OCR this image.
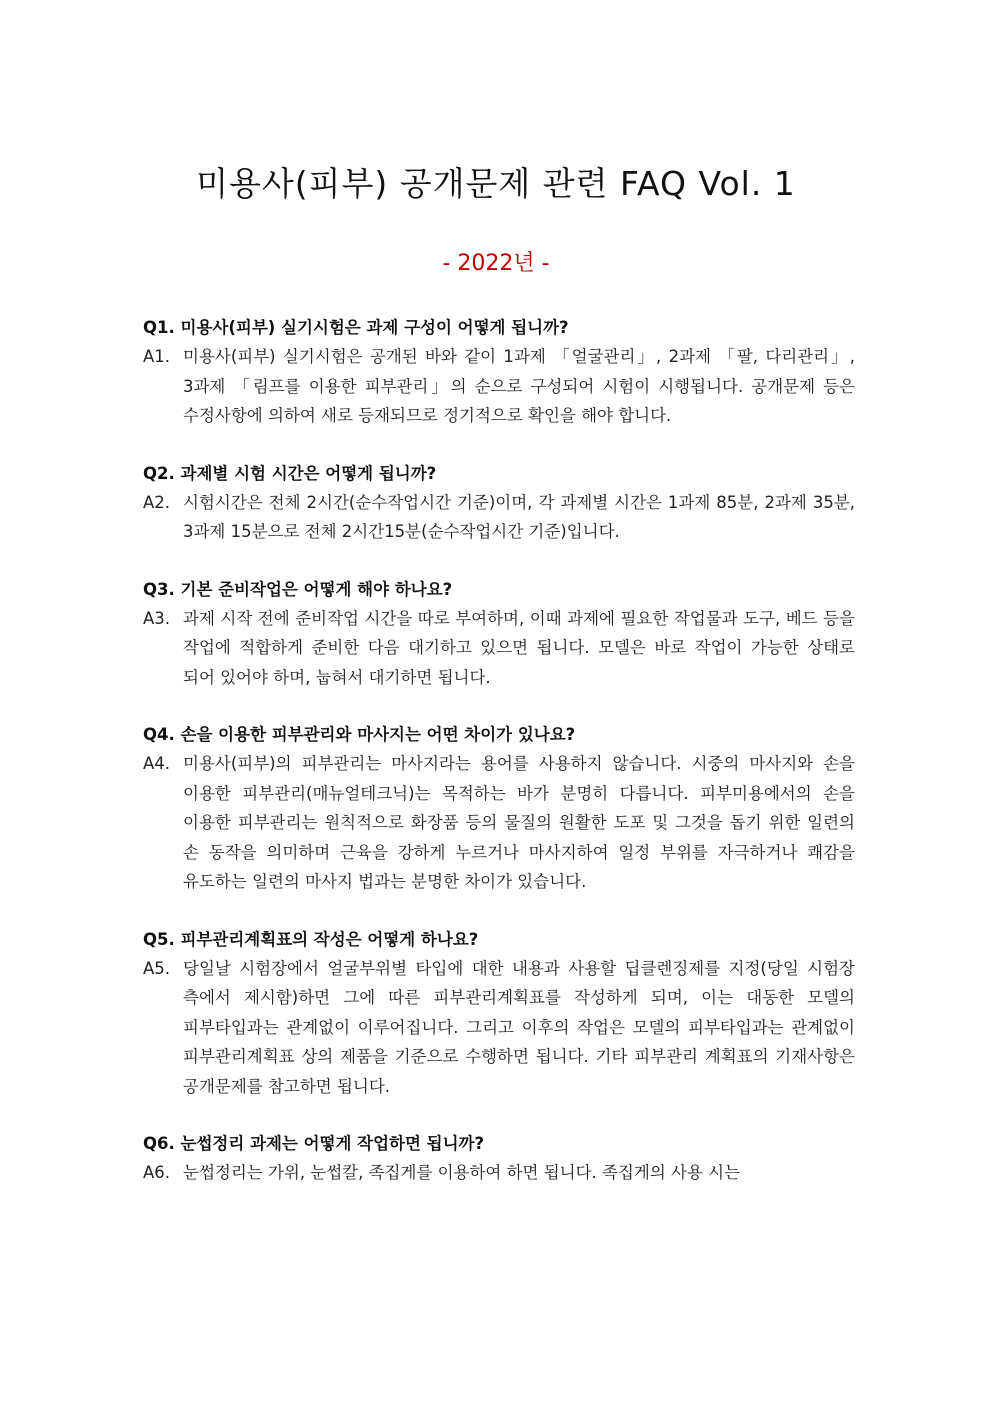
미용사(피부) 공개문제 관련 FAQ Vol. 1
- 2022년 -
Q1. 미용사(피부) 실기시험은 과제 구성이 어떻게 됩니까?
A1. 미용사(피부) 실기시험은 공개된 바와 같이 1과제 「얼굴관리」, 2과제 「팔, 다리관리」, 3과제 「림프를 이용한 피부관리」의 순으로 구성되어 시험이 시행됩니다. 공개문제 등은 수정사항에 의하여 새로 등재되므로 정기적으로 확인을 해야 합니다.
Q2. 과제별 시험 시간은 어떻게 됩니까?
A2. 시험시간은 전체 2시간(순수작업시간 기준)이며, 각 과제별 시간은 1과제 85분, 2과제 35분, 3과제 15분으로 전체 2시간15분(순수작업시간 기준)입니다.
Q3. 기본 준비작업은 어떻게 해야 하나요?
A3. 과제 시작 전에 준비작업 시간을 따로 부여하며, 이때 과제에 필요한 작업물과 도구, 베드 등을 작업에 적합하게 준비한 다음 대기하고 있으면 됩니다. 모델은 바로 작업이 가능한 상태로 되어 있어야 하며, 눕혀서 대기하면 됩니다.
Q4. 손을 이용한 피부관리와 마사지는 어떤 차이가 있나요?
A4. 미용사(피부)의 피부관리는 마사지라는 용어를 사용하지 않습니다. 시중의 마사지와 손을 이용한 피부관리(매뉴얼테크닉)는 목적하는 바가 분명히 다릅니다. 피부미용에서의 손을 이용한 피부관리는 원칙적으로 화장품 등의 물질의 원활한 도포 및 그것을 돕기 위한 일련의 손 동작을 의미하며 근육을 강하게 누르거나 마사지하여 일정 부위를 자극하거나 쾌감을 유도하는 일련의 마사지 법과는 분명한 차이가 있습니다.
Q5. 피부관리계획표의 작성은 어떻게 하나요?
A5. 당일날 시험장에서 얼굴부위별 타입에 대한 내용과 사용할 딥클렌징제를 지정(당일 시험장 측에서 제시함)하면 그에 따른 피부관리계획표를 작성하게 되며, 이는 대동한 모델의 피부타입과는 관계없이 이루어집니다. 그리고 이후의 작업은 모델의 피부타입과는 관계없이 피부관리계획표 상의 제품을 기준으로 수행하면 됩니다. 기타 피부관리 계획표의 기재사항은 공개문제를 참고하면 됩니다.
Q6. 눈썹정리 과제는 어떻게 작업하면 됩니까?
A6. 눈썹정리는 가위, 눈썹칼, 족집게를 이용하여 하면 됩니다. 족집게의 사용 시는
